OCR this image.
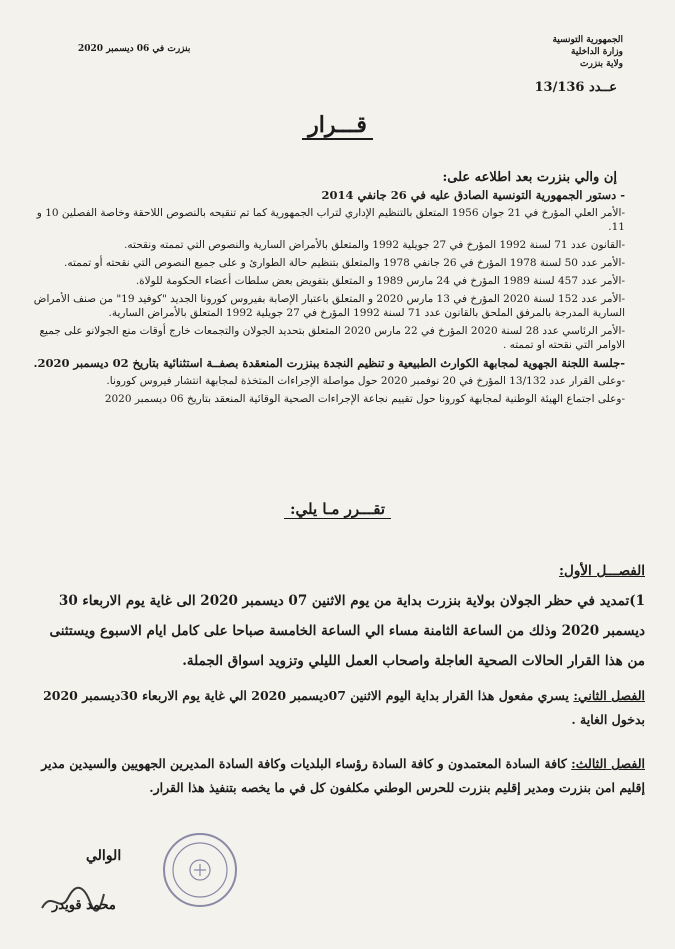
الجمهورية التونسية
وزارة الداخلية
ولاية بنزرت
بنزرت في 06 ديسمبر 2020
عــدد 13/136
قـــرار
إن والي بنزرت بعد اطلاعه على:

- دستور الجمهورية التونسية الصادق عليه في 26 جانفي 2014

-الأمر العلي المؤرخ في 21 جوان 1956 المتعلق بالتنظيم الإداري لتراب الجمهورية كما تم تنقيحه بالنصوص اللاحقة وخاصة الفصلين 10 و 11.

-القانون عدد 71 لسنة 1992 المؤرخ في 27 جويلية 1992 والمتعلق بالأمراض السارية والنصوص التي تممته ونقحته.

-الأمر عدد 50 لسنة 1978 المؤرخ في 26 جانفي 1978 والمتعلق بتنظيم حالة الطوارئ و على جميع النصوص التي نقحته أو تممته.

-الأمر عدد 457 لسنة 1989 المؤرخ في 24 مارس 1989 و المتعلق بتفويض بعض سلطات أعضاء الحكومة للولاة.

-الأمر عدد 152 لسنة 2020 المؤرخ في 13 مارس 2020 و المتعلق باعتبار الإصابة بفيروس كورونا الجديد "كوفيد 19" من صنف الأمراض السارية المدرجة بالمرفق الملحق بالقانون عدد 71 لسنة 1992 المؤرخ في 27 جويلية 1992 المتعلق بالأمراض السارية.

-الأمر الرئاسي عدد 28 لسنة 2020 المؤرخ في 22 مارس 2020 المتعلق بتحديد الجولان والتجمعات خارج أوقات منع الجولانو على جميع الاوامر التي نقحته او تممته .

-جلسة اللجنة الجهوية لمجابهة الكوارث الطبيعية و تنظيم النجدة ببنزرت المنعقدة بصفــة استثنائية بتاريخ 02 ديسمبر 2020.

-وعلى القرار عدد 13/132 المؤرخ في 20 نوفمبر 2020 حول مواصلة الإجراءات المتخذة لمجابهة انتشار فيروس كورونا.

-وعلى اجتماع الهيئة الوطنية لمجابهة كورونا حول تقييم نجاعة الإجراءات الصحية الوقائية المنعقد بتاريخ 06 ديسمبر 2020

تقـــرر مـا يلي:
الفصـــل الأول:
1)تمديد في حظر الجولان بولاية بنزرت بداية من يوم الاثنين 07 ديسمبر 2020 الى غاية يوم الاربعاء 30 ديسمبر 2020 وذلك من الساعة الثامنة مساء الي الساعة الخامسة صباحا على كامل ايام الاسبوع ويستثنى من هذا القرار الحالات الصحية العاجلة واصحاب العمل الليلي وتزويد اسواق الجملة.
الفصل الثاني: يسري مفعول هذا القرار بداية اليوم الاثنين 07ديسمبر 2020 الي غاية يوم الاربعاء 30ديسمبر 2020 بدخول الغاية .
الفصل الثالث: كافة السادة المعتمدون و كافة السادة رؤساء البلديات وكافة السادة المديرين الجهويين والسيدين مدير إقليم امن بنزرت ومدير إقليم بنزرت للحرس الوطني مكلفون كل في ما يخصه بتنفيذ هذا القرار.
الوالي
محمد قويدر
